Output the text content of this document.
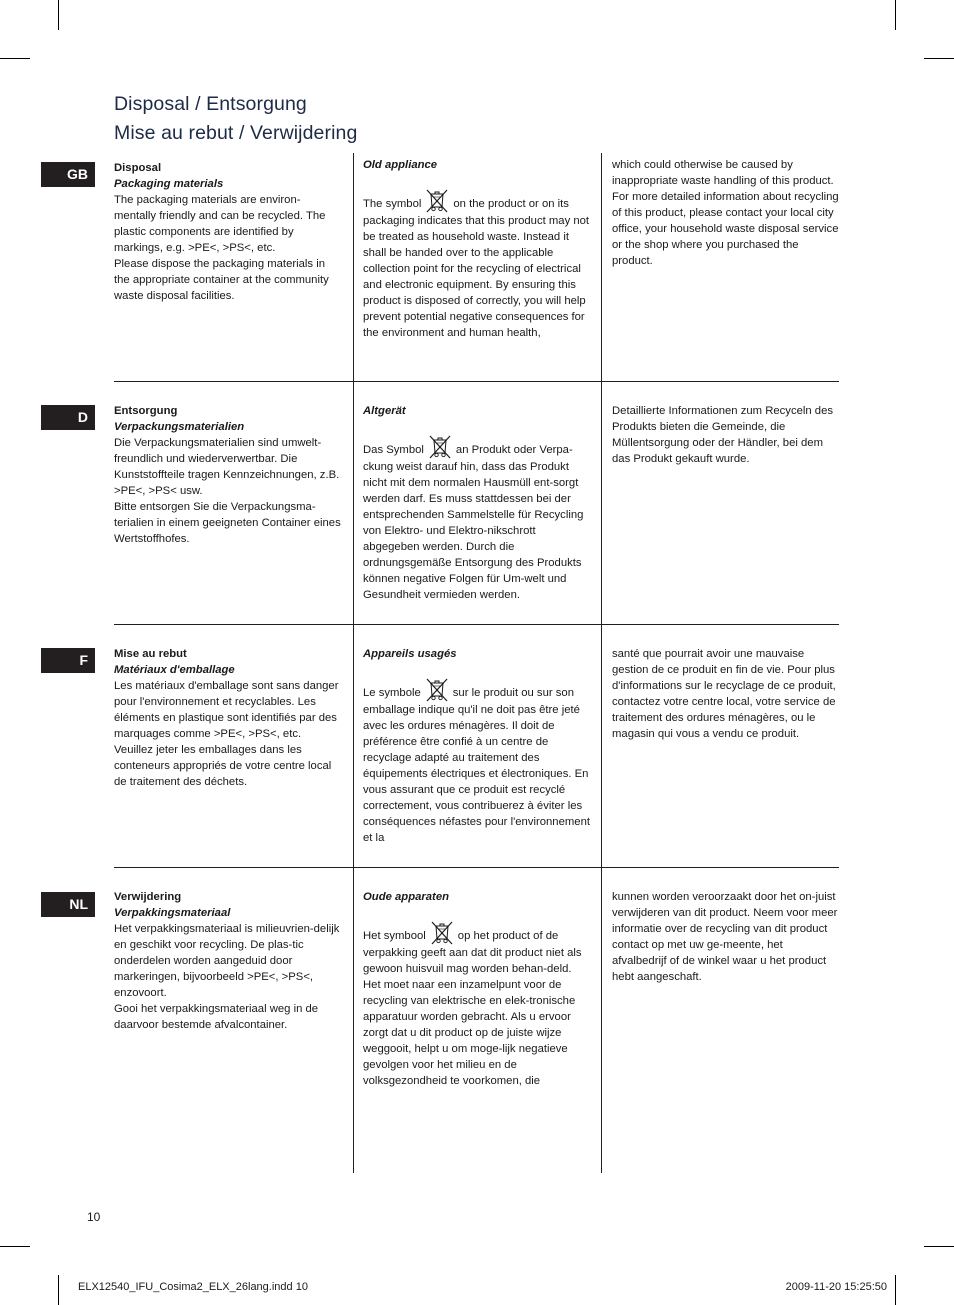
Disposal / Entsorgung
Mise au rebut / Verwijdering
GB	Disposal
Packaging materials
The packaging materials are environ-mentally friendly and can be recycled. The plastic components are identified by markings, e.g. >PE<, >PS<, etc.
Please dispose the packaging materials in the appropriate container at the community waste disposal facilities.
Old appliance
The symbol	on the product or on its packaging indicates that this product may not be treated as household waste. Instead it shall be handed over to the applicable collection point for the recycling of electrical and electronic equipment. By ensuring this product is disposed of correctly, you will help prevent potential negative consequences for the environment and human health,
which could otherwise be caused by inappropriate waste handling of this product. For more detailed information about recycling of this product, please contact your local city office, your household waste disposal service or the shop where you purchased the product.
D	Entsorgung
Verpackungsmaterialien
Die Verpackungsmaterialien sind umwelt-freundlich und wiederverwertbar. Die Kunststoffteile tragen Kennzeichnungen, z.B. >PE<, >PS< usw.
Bitte entsorgen Sie die Verpackungsma-terialien in einem geeigneten Container eines Wertstoffhofes.
Altgerät
Das Symbol	an Produkt oder Verpa-ckung weist darauf hin, dass das Produkt nicht mit dem normalen Hausmüll ent-sorgt werden darf. Es muss stattdessen bei der entsprechenden Sammelstelle für Recycling von Elektro- und Elektro-nikschrott abgegeben werden. Durch die ordnungsgemäße Entsorgung des Produkts können negative Folgen für Um-welt und Gesundheit vermieden werden.
Detaillierte Informationen zum Recyceln des Produkts bieten die Gemeinde, die Müllentsorgung oder der Händler, bei dem das Produkt gekauft wurde.
F	Mise au rebut
Matériaux d'emballage
Les matériaux d'emballage sont sans danger pour l'environnement et recyclables. Les éléments en plastique sont identifiés par des marquages comme >PE<, >PS<, etc.
Veuillez jeter les emballages dans les conteneurs appropriés de votre centre local de traitement des déchets.
Appareils usagés
Le symbole	sur le produit ou sur son emballage indique qu'il ne doit pas être jeté avec les ordures ménagères. Il doit de préférence être confié à un centre de recyclage adapté au traitement des équipements électriques et électroniques. En vous assurant que ce produit est recyclé correctement, vous contribuerez à éviter les conséquences néfastes pour l'environnement et la
santé que pourrait avoir une mauvaise gestion de ce produit en fin de vie. Pour plus d'informations sur le recyclage de ce produit, contactez votre centre local, votre service de traitement des ordures ménagères, ou le magasin qui vous a vendu ce produit.
NL	Verwijdering
Verpakkingsmateriaal
Het verpakkingsmateriaal is milieuvrien-delijk en geschikt voor recycling. De plas-tic onderdelen worden aangeduid door markeringen, bijvoorbeeld >PE<, >PS<, enzovoort.
Gooi het verpakkingsmateriaal weg in de daarvoor bestemde afvalcontainer.
Oude apparaten
Het symbool	op het product of de verpakking geeft aan dat dit product niet als gewoon huisvuil mag worden behan-deld. Het moet naar een inzamelpunt voor de recycling van elektrische en elek-tronische apparatuur worden gebracht. Als u ervoor zorgt dat u dit product op de juiste wijze weggooit, helpt u om moge-lijk negatieve gevolgen voor het milieu en de volksgezondheid te voorkomen, die
kunnen worden veroorzaakt door het on-juist verwijderen van dit product. Neem voor meer informatie over de recycling van dit product contact op met uw ge-meente, het afvalbedrijf of de winkel waar u het product hebt aangeschaft.
10
ELX12540_IFU_Cosima2_ELX_26lang.indd 10	2009-11-20 15:25:50
